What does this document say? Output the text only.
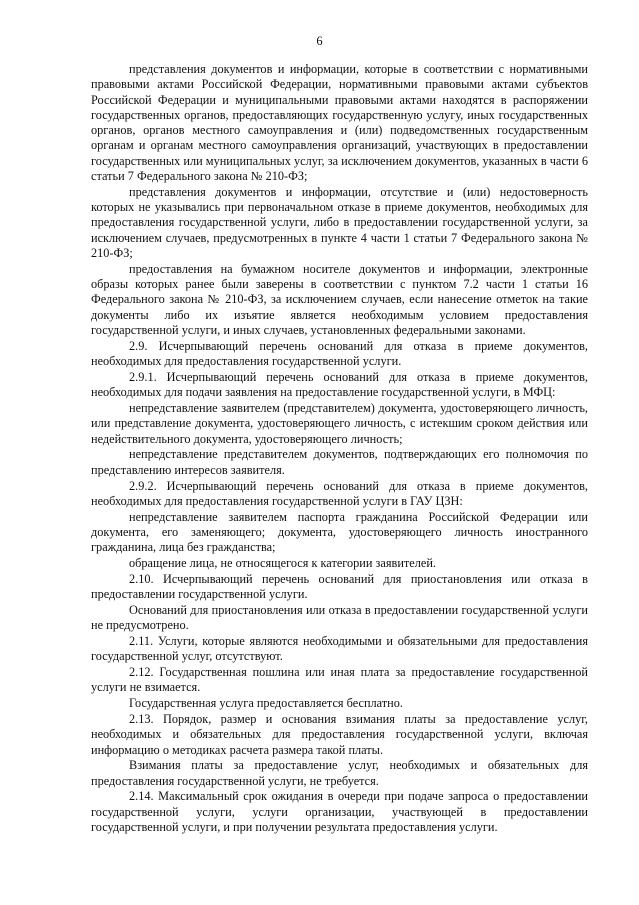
6

представления документов и информации, которые в соответствии с нормативными правовыми актами Российской Федерации, нормативными правовыми актами субъектов Российской Федерации и муниципальными правовыми актами находятся в распоряжении государственных органов, предоставляющих государственную услугу, иных государственных органов, органов местного самоуправления и (или) подведомственных государственным органам и органам местного самоуправления организаций, участвующих в предоставлении государственных или муниципальных услуг, за исключением документов, указанных в части 6 статьи 7 Федерального закона № 210-ФЗ;

представления документов и информации, отсутствие и (или) недостоверность которых не указывались при первоначальном отказе в приеме документов, необходимых для предоставления государственной услуги, либо в предоставлении государственной услуги, за исключением случаев, предусмотренных в пункте 4 части 1 статьи 7 Федерального закона № 210-ФЗ;

предоставления на бумажном носителе документов и информации, электронные образы которых ранее были заверены в соответствии с пунктом 7.2 части 1 статьи 16 Федерального закона № 210-ФЗ, за исключением случаев, если нанесение отметок на такие документы либо их изъятие является необходимым условием предоставления государственной услуги, и иных случаев, установленных федеральными законами.

2.9. Исчерпывающий перечень оснований для отказа в приеме документов, необходимых для предоставления государственной услуги.

2.9.1. Исчерпывающий перечень оснований для отказа в приеме документов, необходимых для подачи заявления на предоставление государственной услуги, в МФЦ:

непредставление заявителем (представителем) документа, удостоверяющего личность, или представление документа, удостоверяющего личность, с истекшим сроком действия или недействительного документа, удостоверяющего личность;

непредставление представителем документов, подтверждающих его полномочия по представлению интересов заявителя.

2.9.2. Исчерпывающий перечень оснований для отказа в приеме документов, необходимых для предоставления государственной услуги в ГАУ ЦЗН:

непредставление заявителем паспорта гражданина Российской Федерации или документа, его заменяющего; документа, удостоверяющего личность иностранного гражданина, лица без гражданства;

обращение лица, не относящегося к категории заявителей.

2.10. Исчерпывающий перечень оснований для приостановления или отказа в предоставлении государственной услуги.

Оснований для приостановления или отказа в предоставлении государственной услуги не предусмотрено.

2.11. Услуги, которые являются необходимыми и обязательными для предоставления государственной услуг, отсутствуют.

2.12. Государственная пошлина или иная плата за предоставление государственной услуги не взимается.

Государственная услуга предоставляется бесплатно.

2.13. Порядок, размер и основания взимания платы за предоставление услуг, необходимых и обязательных для предоставления государственной услуги, включая информацию о методиках расчета размера такой платы.

Взимания платы за предоставление услуг, необходимых и обязательных для предоставления государственной услуги, не требуется.

2.14. Максимальный срок ожидания в очереди при подаче запроса о предоставлении государственной услуги, услуги организации, участвующей в предоставлении государственной услуги, и при получении результата предоставления услуги.
